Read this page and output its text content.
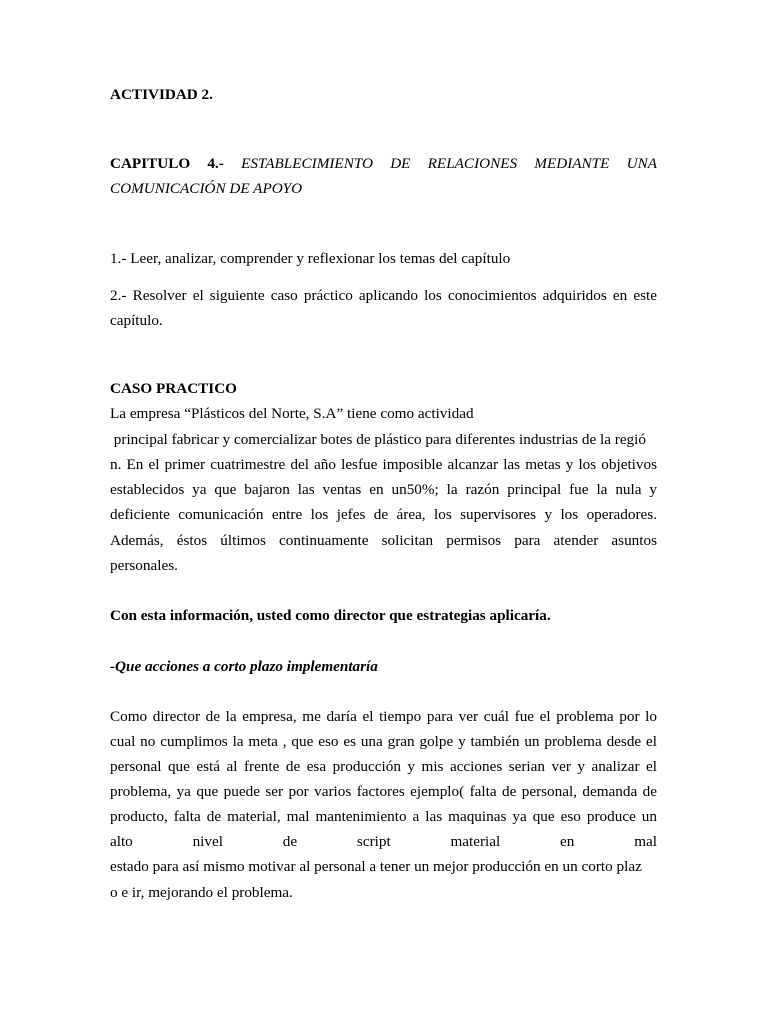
ACTIVIDAD 2.
CAPITULO 4.- ESTABLECIMIENTO DE RELACIONES MEDIANTE UNA
COMUNICACIÓN DE APOYO
1.- Leer, analizar, comprender y reflexionar los temas del capítulo
2.- Resolver el siguiente caso práctico aplicando los conocimientos adquiridos en este
capítulo.
CASO PRACTICO
La empresa “Plásticos del Norte, S.A” tiene como actividad
principal fabricar y comercializar botes de plástico para diferentes industrias de la regió
n. En el primer cuatrimestre del año lesfue imposible alcanzar las metas y los objetivos
establecidos ya que bajaron las ventas en un50%; la razón principal fue la nula y
deficiente comunicación entre los jefes de área, los supervisores y los operadores.
Además, éstos últimos continuamente solicitan permisos para atender asuntos
personales.
Con esta información, usted como director que estrategias aplicaría.
-Que acciones a corto plazo implementaría
Como director de la empresa, me daría el tiempo para ver cuál fue el problema por lo
cual no cumplimos la meta , que eso es una gran golpe y también un problema desde el
personal que está al frente de esa producción y mis acciones serian ver y analizar el
problema, ya que puede ser por varios factores ejemplo( falta de personal, demanda de
producto, falta de material, mal mantenimiento a las maquinas ya que eso produce un
alto nivel de script material en mal
estado para así mismo motivar al personal a tener un mejor producción en un corto plaz
o e ir, mejorando el problema.
